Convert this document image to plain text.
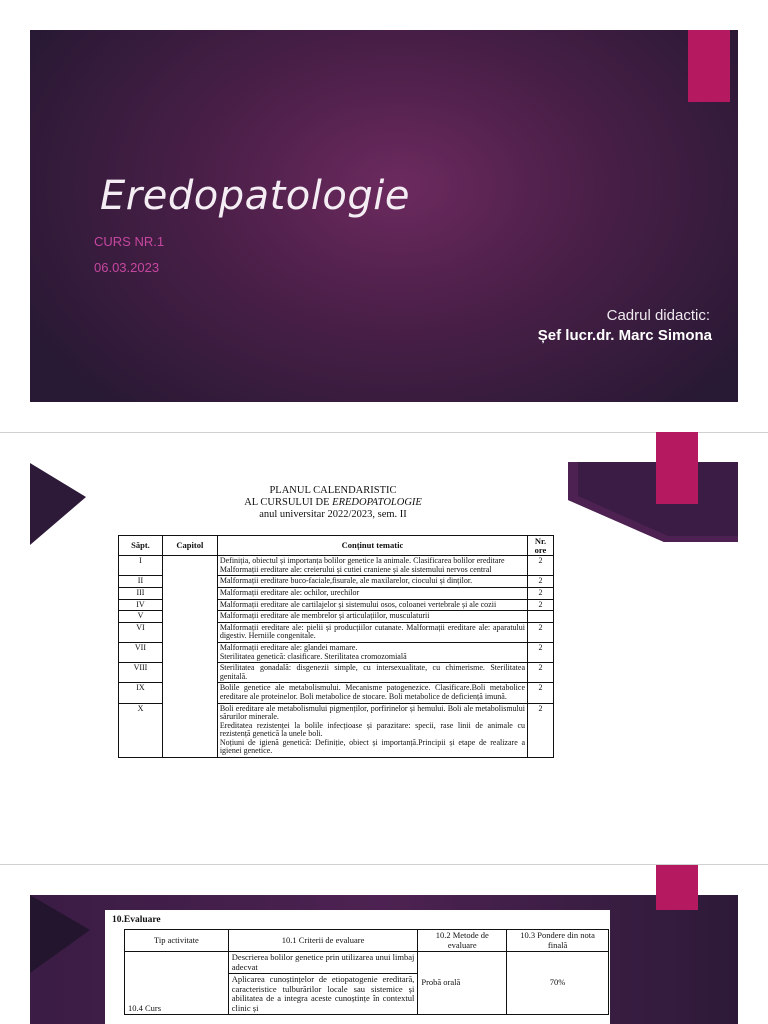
Eredopatologie
CURS NR.1
06.03.2023
Cadrul didactic:
Șef lucr.dr. Marc Simona
PLANUL CALENDARISTIC
AL CURSULUI DE EREDOPATOLOGIE
anul universitar 2022/2023, sem. II
Săpt.	Capitol	Conținut tematic	Nr. ore
I		Definiția, obiectul și importanța bolilor genetice la animale. Clasificarea bolilor ereditare
Malformații ereditare ale: creierului și cutiei craniene și ale sistemului nervos central	2
II		Malformații ereditare buco-faciale,fisurale, ale maxilarelor, ciocului și dinților.	2
III		Malformații ereditare ale: ochilor, urechilor	2
IV		Malformații ereditare ale cartilajelor și sistemului osos, coloanei vertebrale și ale cozii	2
V		Malformații ereditare ale membrelor și articulațiilor, musculaturii	
VI		Malformații ereditare ale: pielii și producțiilor cutanate. Malformații ereditare ale: aparatului digestiv. Herniile congenitale.	2
VII		Malformații ereditare ale: glandei mamare.
Sterilitatea genetică: clasificare. Sterilitatea cromozomială	2
VIII		Sterilitatea gonadală: disgenezii simple, cu intersexualitate, cu chimerisme. Sterilitatea genitală.	2
IX		Bolile genetice ale metabolismului. Mecanisme patogenezice. Clasificare.Boli metabolice ereditare ale proteinelor. Boli metabolice de stocare. Boli metabolice de deficiență imună.	2
X		Boli ereditare ale metabolismului pigmenților, porfirinelor și hemului. Boli ale metabolismului sărurilor minerale.
Ereditatea rezistenței la bolile infecțioase și parazitare: specii, rase linii de animale cu rezistență genetică la unele boli.
Noțiuni de igienă genetică: Definiție, obiect și importanță.Principii și etape de realizare a igienei genetice.	2
10.Evaluare
Tip activitate	10.1 Criterii de evaluare	10.2 Metode de evaluare	10.3 Pondere din nota finală
10.4 Curs	Descrierea bolilor genetice prin utilizarea unui limbaj adecvat	Probă orală	70%
	Aplicarea cunoștințelor de etiopatogenie ereditară, caracteristice tulburărilor locale sau sistemice și abilitatea de a integra aceste cunoștințe în contextul clinic și		
